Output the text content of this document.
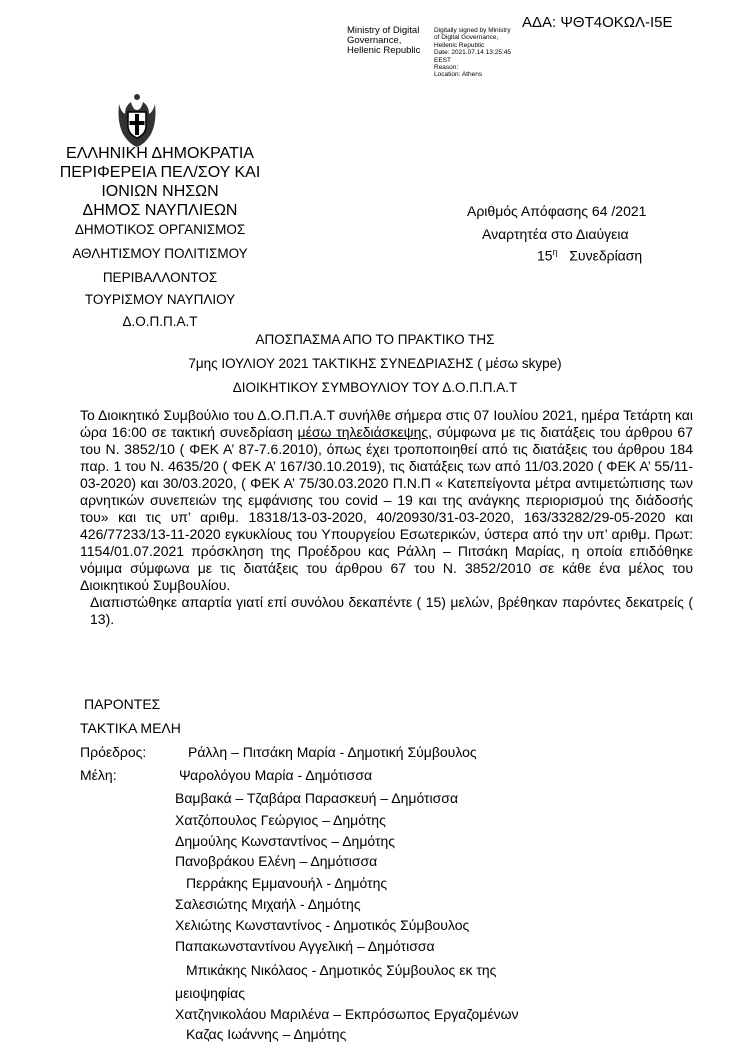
ΑΔΑ: ΨΘΤ4ΟΚΩΛ-Ι5Ε
Ministry of Digital
Governance,
Hellenic Republic
Digitally signed by Ministry
of Digital Governance,
Hellenic Republic
Date: 2021.07.14 13:25:45
EEST
Reason:
Location: Athens
ΕΛΛΗΝΙΚΗ ΔΗΜΟΚΡΑΤΙΑ
ΠΕΡΙΦΕΡΕΙΑ ΠΕΛ/ΣΟΥ ΚΑΙ
ΙΟΝΙΩΝ ΝΗΣΩΝ
ΔΗΜΟΣ ΝΑΥΠΛΙΕΩΝ
ΔΗΜΟΤΙΚΟΣ ΟΡΓΑΝΙΣΜΟΣ
ΑΘΛΗΤΙΣΜΟΥ ΠΟΛΙΤΙΣΜΟΥ
ΠΕΡΙΒΑΛΛΟΝΤΟΣ
ΤΟΥΡΙΣΜΟΥ ΝΑΥΠΛΙΟΥ
Δ.Ο.Π.Π.Α.Τ
Αριθμός Απόφασης 64 /2021
Αναρτητέα στο Διαύγεια
$15^\eta$ Συνεδρίαση
ΑΠΟΣΠΑΣΜΑ ΑΠΟ ΤΟ ΠΡΑΚΤΙΚΟ ΤΗΣ
7μης ΙΟΥΛΙΟΥ 2021 ΤΑΚΤΙΚΗΣ ΣΥΝΕΔΡΙΑΣΗΣ ( μέσω skype)
ΔΙΟΙΚΗΤΙΚΟΥ ΣΥΜΒΟΥΛΙΟΥ ΤΟΥ Δ.Ο.Π.Π.Α.Τ

Το Διοικητικό Συμβούλιο του Δ.Ο.Π.Π.Α.Τ συνήλθε σήμερα στις 07 Ιουλίου 2021, ημέρα Τετάρτη και ώρα 16:00 σε τακτική συνεδρίαση μέσω τηλεδιάσκεψης, σύμφωνα με τις διατάξεις του άρθρου 67 του Ν. 3852/10 ( ΦΕΚ Α’ 87-7.6.2010), όπως έχει τροποποιηθεί από τις διατάξεις του άρθρου 184 παρ. 1 του Ν. 4635/20 ( ΦΕΚ Α’ 167/30.10.2019), τις διατάξεις των από 11/03.2020 ( ΦΕΚ Α’ 55/11-03-2020) και 30/03.2020, ( ΦΕΚ Α’ 75/30.03.2020 Π.Ν.Π « Κατεπείγοντα μέτρα αντιμετώπισης των αρνητικών συνεπειών της εμφάνισης του covid – 19 και της ανάγκης περιορισμού της διάδοσής του» και τις υπ’ αριθμ. 18318/13-03-2020, 40/20930/31-03-2020, 163/33282/29-05-2020 και 426/77233/13-11-2020 εγκυκλίους του Υπουργείου Εσωτερικών, ύστερα από την υπ’ αριθμ. Πρωτ: 1154/01.07.2021 πρόσκληση της Προέδρου κας Ράλλη – Πιτσάκη Μαρίας, η οποία επιδόθηκε νόμιμα σύμφωνα με τις διατάξεις του άρθρου 67 του Ν. 3852/2010 σε κάθε ένα μέλος του Διοικητικού Συμβουλίου.

Διαπιστώθηκε απαρτία γιατί επί συνόλου δεκαπέντε ( 15) μελών, βρέθηκαν παρόντες δεκατρείς ( 13).

ΠΑΡΟΝΤΕΣ
ΤΑΚΤΙΚΑ ΜΕΛΗ
Πρόεδρος:	Ράλλη – Πιτσάκη Μαρία - Δημοτική Σύμβουλος
Μέλη:	Ψαρολόγου Μαρία - Δημότισσα
Βαμβακά – Τζαβάρα Παρασκευή – Δημότισσα
Χατζόπουλος Γεώργιος – Δημότης
Δημούλης Κωνσταντίνος – Δημότης
Πανοβράκου Ελένη – Δημότισσα
Περράκης Εμμανουήλ - Δημότης
Σαλεσιώτης Μιχαήλ - Δημότης
Χελιώτης Κωνσταντίνος - Δημοτικός Σύμβουλος
Παπακωνσταντίνου Αγγελική – Δημότισσα
Μπικάκης Νικόλαος - Δημοτικός Σύμβουλος εκ της
μειοψηφίας
Χατζηνικολάου Μαριλένα – Εκπρόσωπος Εργαζομένων
Καζας Ιωάννης – Δημότης
